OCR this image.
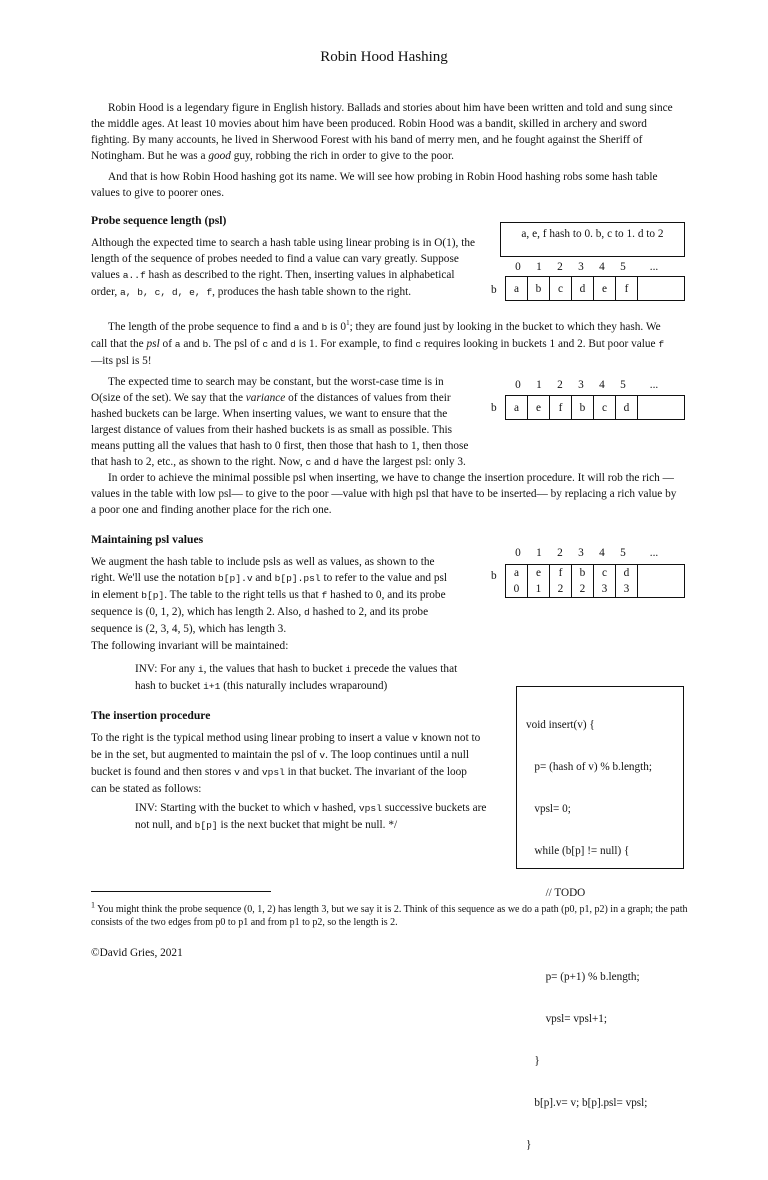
Robin Hood Hashing

Robin Hood is a legendary figure in English history. Ballads and stories about him have been written and told and sung since the middle ages. At least 10 movies about him have been produced. Robin Hood was a bandit, skilled in archery and sword fighting. By many accounts, he lived in Sherwood Forest with his band of merry men, and he fought against the Sheriff of Notingham. But he was a good guy, robbing the rich in order to give to the poor.

And that is how Robin Hood hashing got its name. We will see how probing in Robin Hood hashing robs some hash table values to give to poorer ones.

Probe sequence length (psl)

Although the expected time to search a hash table using linear probing is in O(1), the length of the sequence of probes needed to find a value can vary greatly. Suppose values a..f hash as described to the right. Then, inserting values in alphabetical order, a, b, c, d, e, f, produces the hash table shown to the right.

a, e, f hash to 0. b, c to 1. d to 2
0	1	2	3	4	5	...
b a	b	c	d	e	f	

The length of the probe sequence to find a and b is $0^1$; they are found just by looking in the bucket to which they hash. We call that the psl of a and b. The psl of c and d is 1. For example, to find c requires looking in buckets 1 and 2. But poor value f —its psl is 5!

The expected time to search may be constant, but the worst-case time is in O(size of the set). We say that the variance of the distances of values from their hashed buckets can be large. When inserting values, we want to ensure that the largest distance of values from their hashed buckets is as small as possible. This means putting all the values that hash to 0 first, then those that hash to 1, then those that hash to 2, etc., as shown to the right. Now, c and d have the largest psl: only 3.

0	1	2	3	4	5	...
b a	e	f	b	c	d	

In order to achieve the minimal possible psl when inserting, we have to change the insertion procedure. It will rob the rich —values in the table with low psl— to give to the poor —value with high psl that have to be inserted— by replacing a rich value by a poor one and finding another place for the rich one.

Maintaining psl values

We augment the hash table to include psls as well as values, as shown to the right. We'll use the notation b[p].v and b[p].psl to refer to the value and psl in element b[p]. The table to the right tells us that f hashed to 0, and its probe sequence is (0, 1, 2), which has length 2. Also, d hashed to 2, and its probe sequence is (2, 3, 4, 5), which has length 3.

0	1	2	3	4	5	...
b a	e	f	b	c	d	
0	1	2	2	3	3	
The following invariant will be maintained:
INV: For any i, the values that hash to bucket i precede the values that hash to bucket i+1 (this naturally includes wraparound)
The insertion procedure

To the right is the typical method using linear probing to insert a value v known not to be in the set, but augmented to maintain the psl of v. The loop continues until a null bucket is found and then stores v and vpsl in that bucket. The invariant of the loop can be stated as follows:

INV: Starting with the bucket to which v hashed, vpsl successive buckets are not null, and b[p] is the next bucket that might be null. */

void insert(v) {

p= (hash of v) % b.length;

vpsl= 0;

while (b[p] != null) {

// TODO

p= (p+1) % b.length;

vpsl= vpsl+1;

}

b[p].v= v; b[p].psl= vpsl;

}

$^1$ You might think the probe sequence (0, 1, 2) has length 3, but we say it is 2. Think of this sequence as we do a path (p0, p1, p2) in a graph; the path consists of the two edges from p0 to p1 and from p1 to p2, so the length is 2.
©David Gries, 2021
